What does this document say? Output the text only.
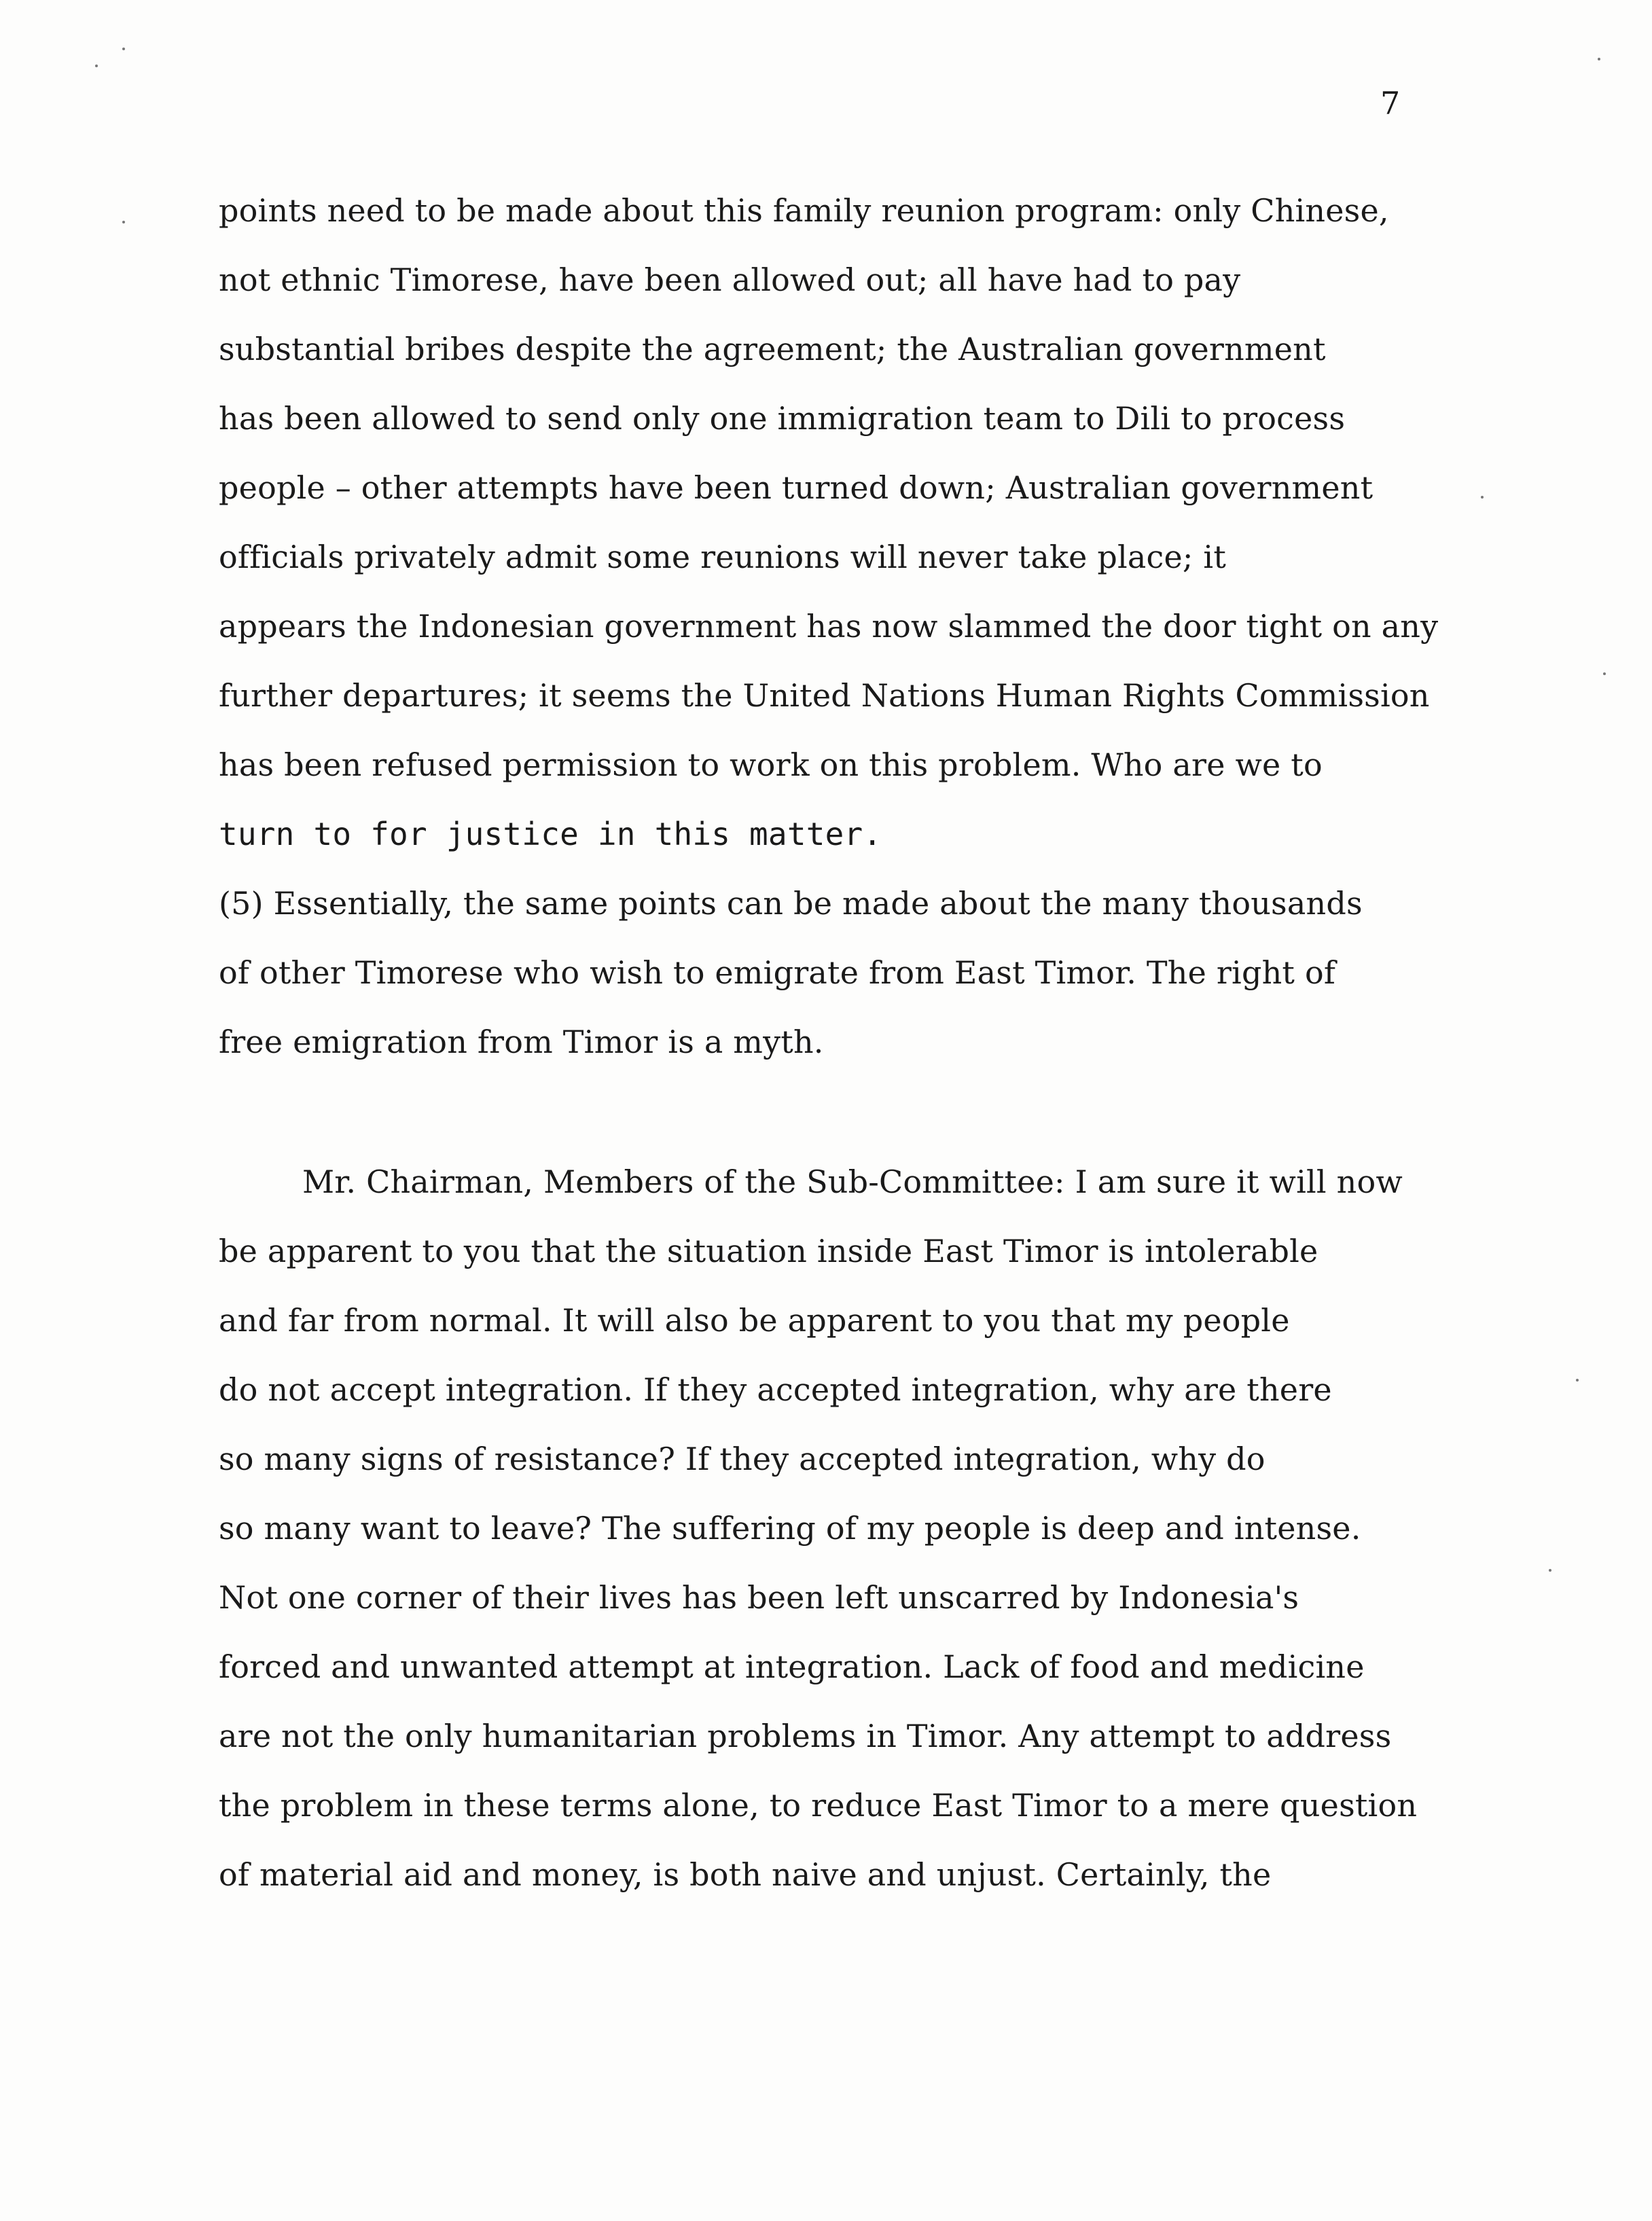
7
points need to be made about this family reunion program: only Chinese,
not ethnic Timorese, have been allowed out; all have had to pay
substantial bribes despite the agreement; the Australian government
has been allowed to send only one immigration team to Dili to process
people – other attempts have been turned down; Australian government
officials privately admit some reunions will never take place; it
appears the Indonesian government has now slammed the door tight on any
further departures; it seems the United Nations Human Rights Commission
has been refused permission to work on this problem. Who are we to
turn to for justice in this matter.
(5) Essentially, the same points can be made about the many thousands
of other Timorese who wish to emigrate from East Timor. The right of
free emigration from Timor is a myth.
Mr. Chairman, Members of the Sub-Committee: I am sure it will now
be apparent to you that the situation inside East Timor is intolerable
and far from normal. It will also be apparent to you that my people
do not accept integration. If they accepted integration, why are there
so many signs of resistance? If they accepted integration, why do
so many want to leave? The suffering of my people is deep and intense.
Not one corner of their lives has been left unscarred by Indonesia's
forced and unwanted attempt at integration. Lack of food and medicine
are not the only humanitarian problems in Timor. Any attempt to address
the problem in these terms alone, to reduce East Timor to a mere question
of material aid and money, is both naive and unjust. Certainly, the
